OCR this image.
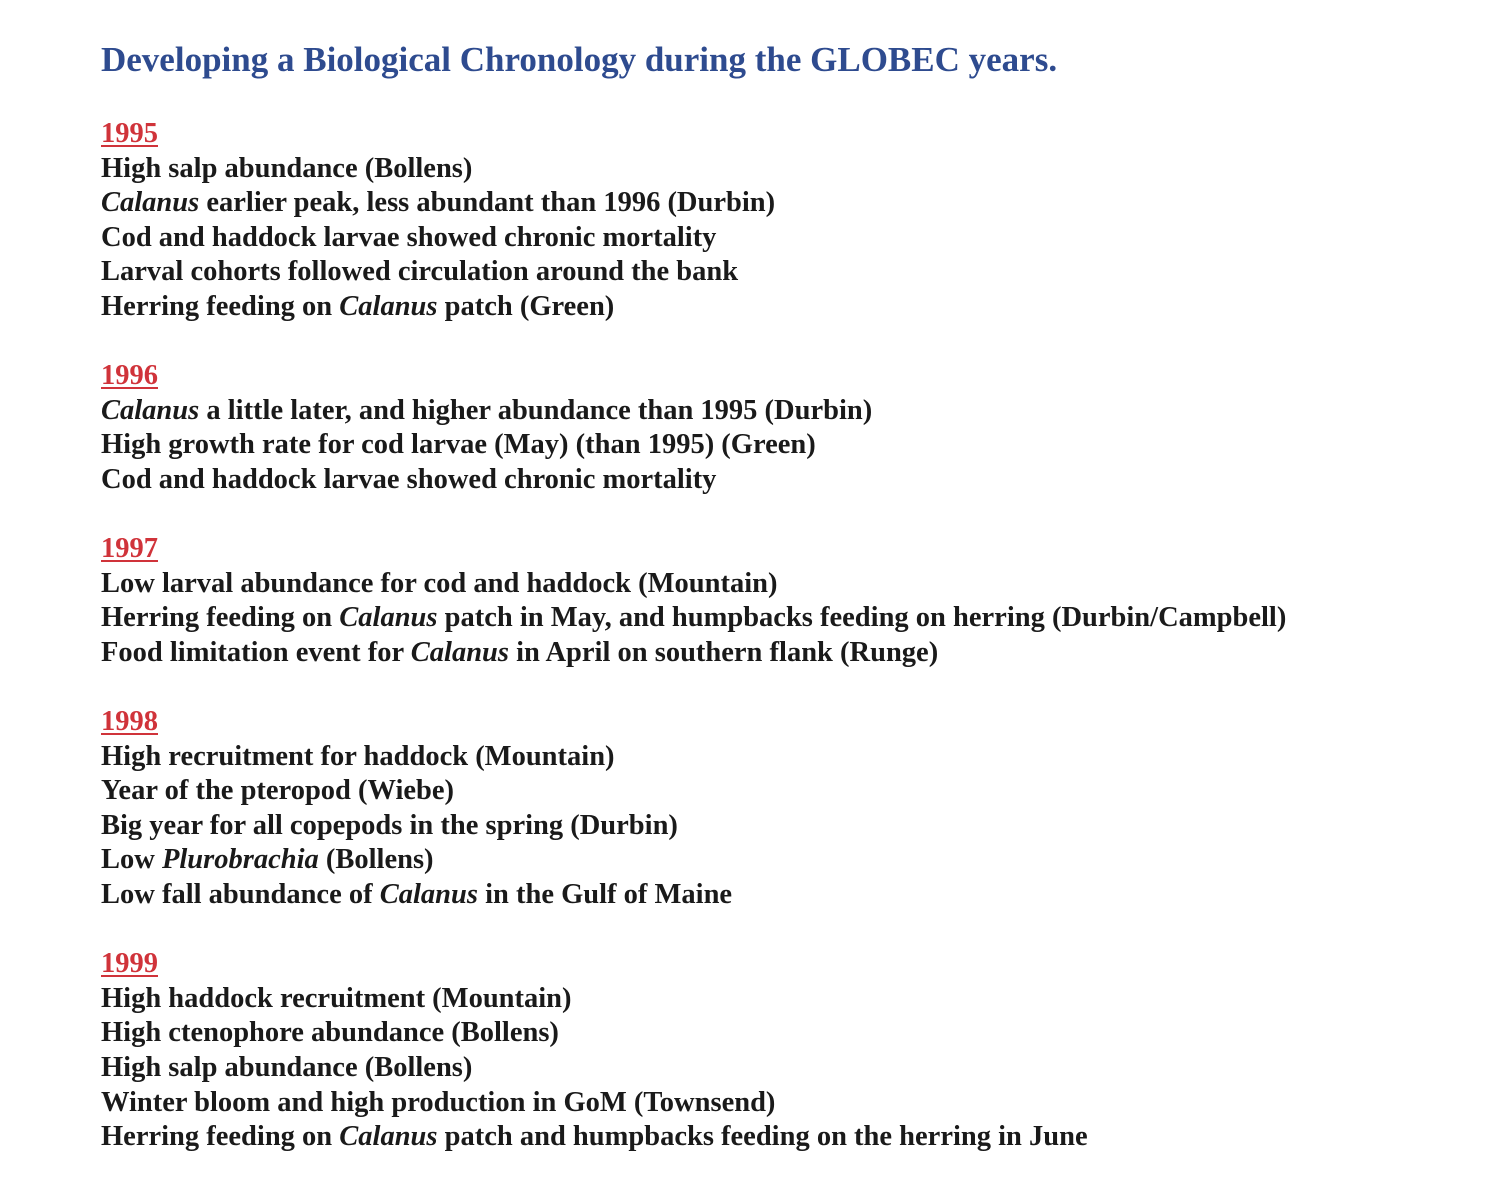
Developing a Biological Chronology during the GLOBEC years.
1995
High salp abundance (Bollens)
Calanus earlier peak, less abundant than 1996 (Durbin)
Cod and haddock larvae showed chronic mortality
Larval cohorts followed circulation around the bank
Herring feeding on Calanus patch (Green)
1996
Calanus a little later, and higher abundance than 1995 (Durbin)
High growth rate for cod larvae (May) (than 1995) (Green)
Cod and haddock larvae showed chronic mortality
1997
Low larval abundance for cod and haddock (Mountain)
Herring feeding on Calanus patch in May, and humpbacks feeding on herring (Durbin/Campbell)
Food limitation event for Calanus in April on southern flank (Runge)
1998
High recruitment for haddock (Mountain)
Year of the pteropod (Wiebe)
Big year for all copepods in the spring (Durbin)
Low Plurobrachia (Bollens)
Low fall abundance of Calanus in the Gulf of Maine
1999
High haddock recruitment (Mountain)
High ctenophore abundance (Bollens)
High salp abundance (Bollens)
Winter bloom and high production in GoM (Townsend)
Herring feeding on Calanus patch and humpbacks feeding on the herring in June
